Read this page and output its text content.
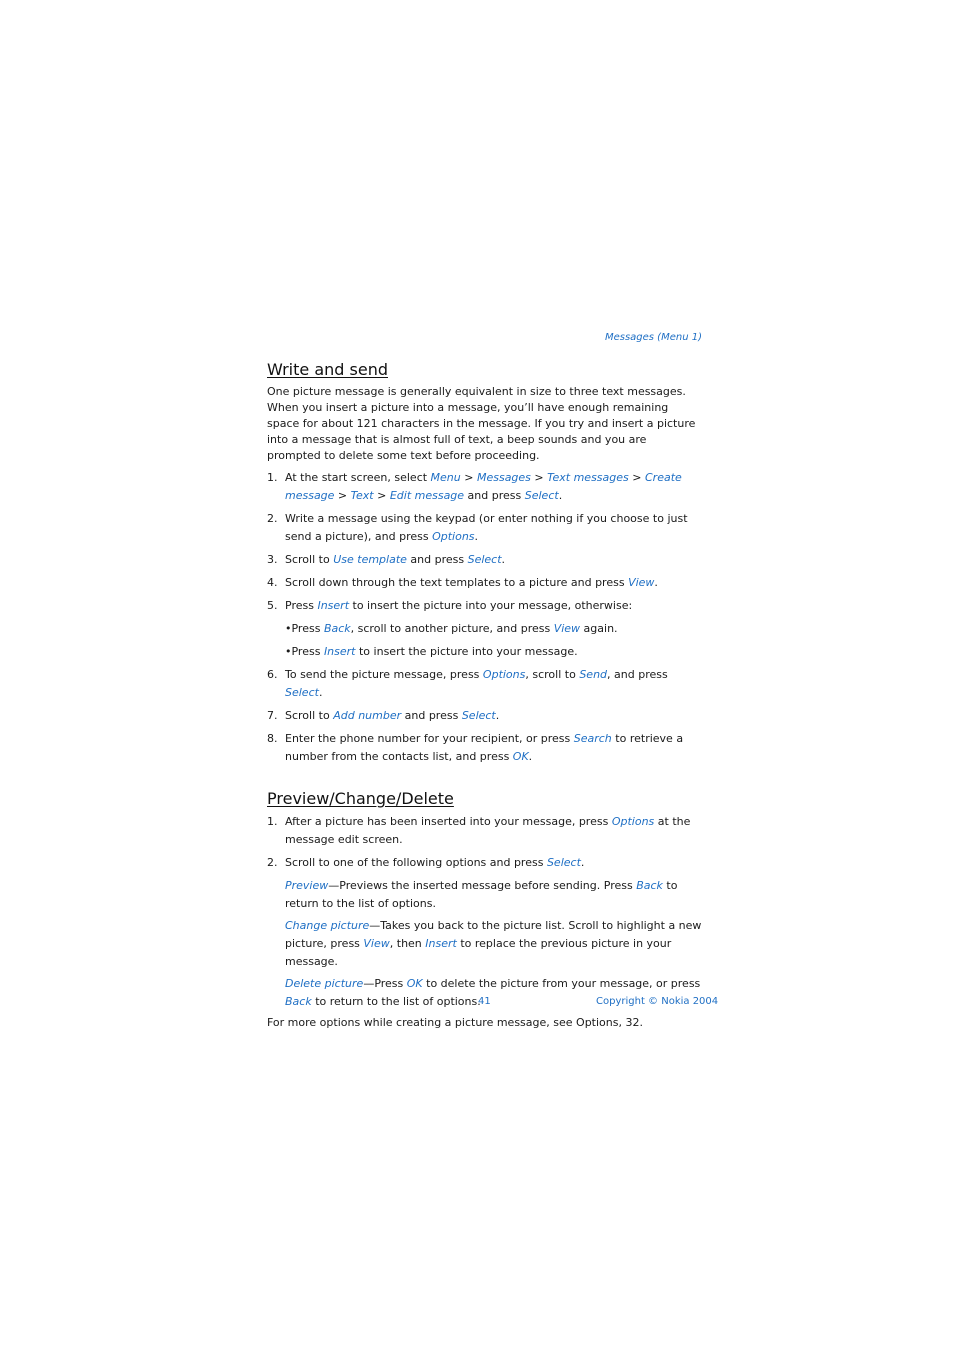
Messages (Menu 1)
Write and send

One picture message is generally equivalent in size to three text messages. When you insert a picture into a message, you’ll have enough remaining space for about 121 characters in the message. If you try and insert a picture into a message that is almost full of text, a beep sounds and you are prompted to delete some text before proceeding.

1. At the start screen, select Menu > Messages > Text messages > Create message > Text > Edit message and press Select.
2. Write a message using the keypad (or enter nothing if you choose to just send a picture), and press Options.
3. Scroll to Use template and press Select.
4. Scroll down through the text templates to a picture and press View.
5. Press Insert to insert the picture into your message, otherwise:
•Press Back, scroll to another picture, and press View again.
•Press Insert to insert the picture into your message.
6. To send the picture message, press Options, scroll to Send, and press Select.
7. Scroll to Add number and press Select.
8. Enter the phone number for your recipient, or press Search to retrieve a number from the contacts list, and press OK.
Preview/Change/Delete
1. After a picture has been inserted into your message, press Options at the message edit screen.
2. Scroll to one of the following options and press Select.

Preview—Previews the inserted message before sending. Press Back to return to the list of options.

Change picture—Takes you back to the picture list. Scroll to highlight a new picture, press View, then Insert to replace the previous picture in your message.

Delete picture—Press OK to delete the picture from your message, or press Back to return to the list of options.

For more options while creating a picture message, see Options, 32.

41	Copyright © Nokia 2004
